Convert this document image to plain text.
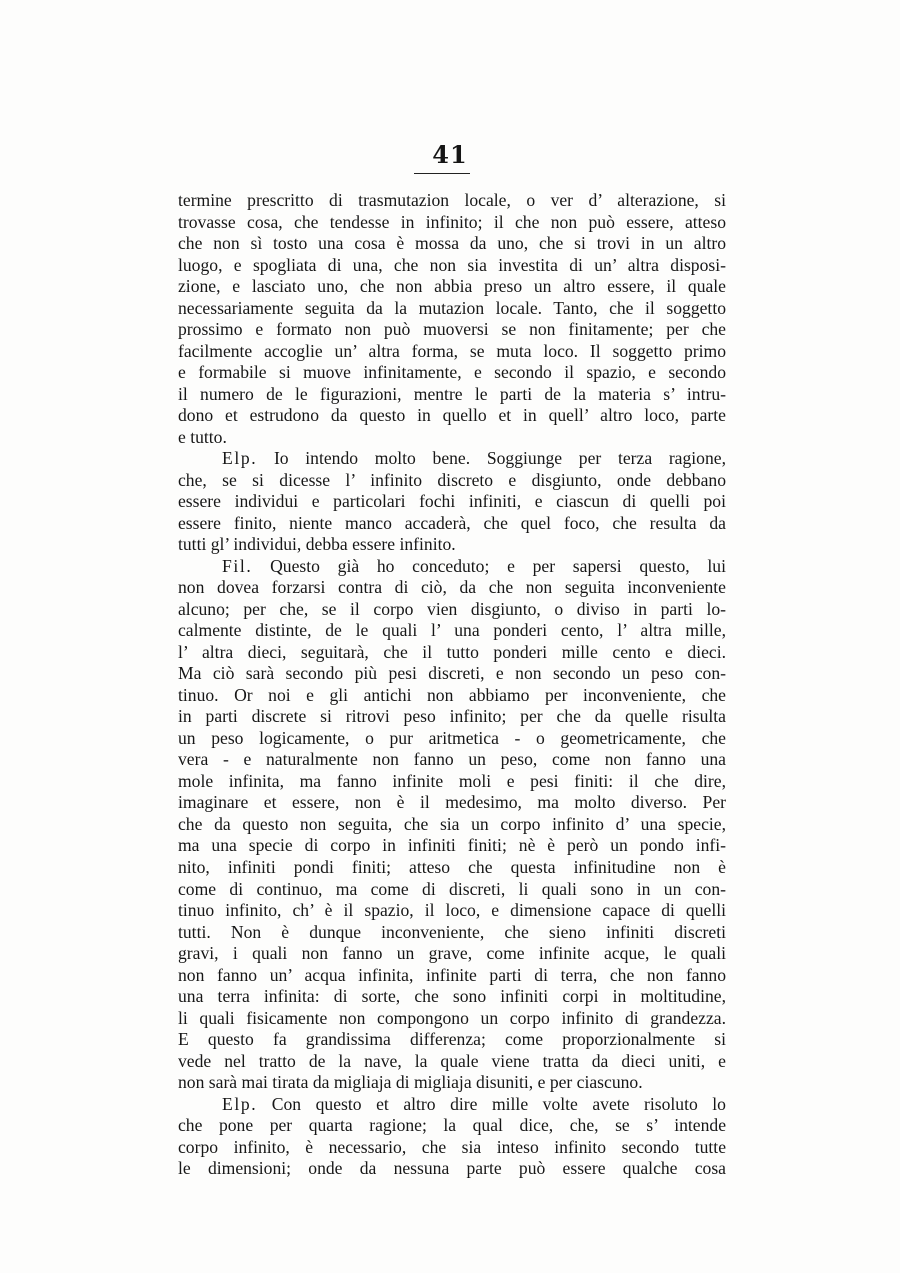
41
termine prescritto di trasmutazion locale, o ver d’ alterazione, si
trovasse cosa, che tendesse in infinito; il che non può essere, atteso
che non sì tosto una cosa è mossa da uno, che si trovi in un altro
luogo, e spogliata di una, che non sia investita di un’ altra disposi-
zione, e lasciato uno, che non abbia preso un altro essere, il quale
necessariamente seguita da la mutazion locale. Tanto, che il soggetto
prossimo e formato non può muoversi se non finitamente; per che
facilmente accoglie un’ altra forma, se muta loco. Il soggetto primo
e formabile si muove infinitamente, e secondo il spazio, e secondo
il numero de le figurazioni, mentre le parti de la materia s’ intru-
dono et estrudono da questo in quello et in quell’ altro loco, parte
e tutto.
Elp. Io intendo molto bene. Soggiunge per terza ragione,
che, se si dicesse l’ infinito discreto e disgiunto, onde debbano
essere individui e particolari fochi infiniti, e ciascun di quelli poi
essere finito, niente manco accaderà, che quel foco, che resulta da
tutti gl’ individui, debba essere infinito.
Fil. Questo già ho conceduto; e per sapersi questo, lui
non dovea forzarsi contra di ciò, da che non seguita inconveniente
alcuno; per che, se il corpo vien disgiunto, o diviso in parti lo-
calmente distinte, de le quali l’ una ponderi cento, l’ altra mille,
l’ altra dieci, seguitarà, che il tutto ponderi mille cento e dieci.
Ma ciò sarà secondo più pesi discreti, e non secondo un peso con-
tinuo. Or noi e gli antichi non abbiamo per inconveniente, che
in parti discrete si ritrovi peso infinito; per che da quelle risulta
un peso logicamente, o pur aritmetica - o geometricamente, che
vera - e naturalmente non fanno un peso, come non fanno una
mole infinita, ma fanno infinite moli e pesi finiti: il che dire,
imaginare et essere, non è il medesimo, ma molto diverso. Per
che da questo non seguita, che sia un corpo infinito d’ una specie,
ma una specie di corpo in infiniti finiti; nè è però un pondo infi-
nito, infiniti pondi finiti; atteso che questa infinitudine non è
come di continuo, ma come di discreti, li quali sono in un con-
tinuo infinito, ch’ è il spazio, il loco, e dimensione capace di quelli
tutti. Non è dunque inconveniente, che sieno infiniti discreti
gravi, i quali non fanno un grave, come infinite acque, le quali
non fanno un’ acqua infinita, infinite parti di terra, che non fanno
una terra infinita: di sorte, che sono infiniti corpi in moltitudine,
li quali fisicamente non compongono un corpo infinito di grandezza.
E questo fa grandissima differenza; come proporzionalmente si
vede nel tratto de la nave, la quale viene tratta da dieci uniti, e
non sarà mai tirata da migliaja di migliaja disuniti, e per ciascuno.
Elp. Con questo et altro dire mille volte avete risoluto lo
che pone per quarta ragione; la qual dice, che, se s’ intende
corpo infinito, è necessario, che sia inteso infinito secondo tutte
le dimensioni; onde da nessuna parte può essere qualche cosa
